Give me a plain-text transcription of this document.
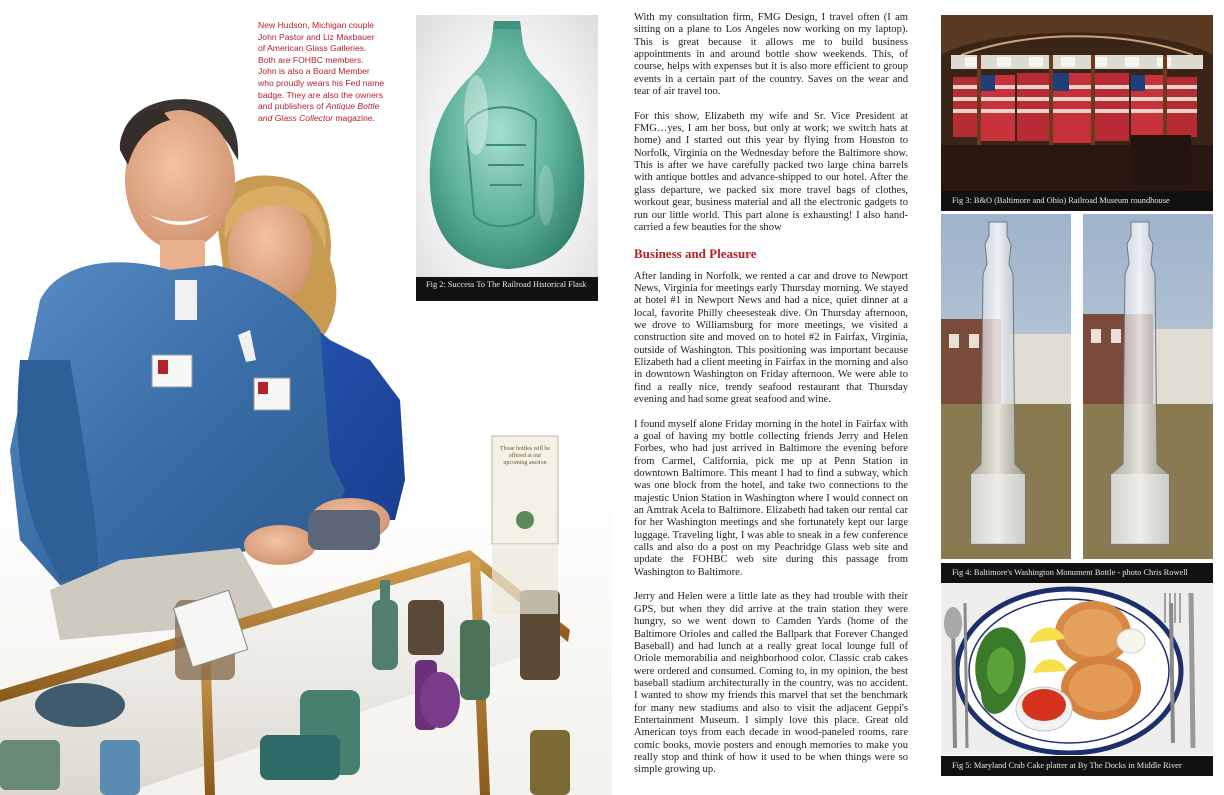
Those bottles will be offered at our upcoming auction
New Hudson, Michigan couple
John Pastor and Liz Maxbauer
of American Glass Galleries.
Both are FOHBC members.
John is also a Board Member
who proudly wears his Fed name
badge. They are also the owners
and publishers of Antique Bottle
and Glass Collector magazine.
Fig 2: Success To The Railroad Historical Flask

With my consultation firm, FMG Design, I travel often (I am sitting on a plane to Los Angeles now working on my laptop). This is great because it allows me to build business appointments in and around bottle show weekends. This, of course, helps with expenses but it is also more efficient to group events in a certain part of the country. Saves on the wear and tear of air travel too.

For this show, Elizabeth my wife and Sr. Vice President at FMG…yes, I am her boss, but only at work; we switch hats at home) and I started out this year by flying from Houston to Norfolk, Virginia on the Wednesday before the Baltimore show. This is after we have carefully packed two large china barrels with antique bottles and advance-shipped to our hotel. After the glass departure, we packed six more travel bags of clothes, workout gear, business material and all the electronic gadgets to run our little world. This part alone is exhausting! I also hand-carried a few beauties for the show

Business and Pleasure

After landing in Norfolk, we rented a car and drove to Newport News, Virginia for meetings early Thursday morning. We stayed at hotel #1 in Newport News and had a nice, quiet dinner at a local, favorite Philly cheesesteak dive. On Thursday afternoon, we drove to Williamsburg for more meetings, we visited a construction site and moved on to hotel #2 in Fairfax, Virginia, outside of Washington. This positioning was important because Elizabeth had a client meeting in Fairfax in the morning and also in downtown Washington on Friday afternoon. We were able to find a really nice, trendy seafood restaurant that Thursday evening and had some great seafood and wine.

I found myself alone Friday morning in the hotel in Fairfax with a goal of having my bottle collecting friends Jerry and Helen Forbes, who had just arrived in Baltimore the evening before from Carmel, California, pick me up at Penn Station in downtown Baltimore. This meant I had to find a subway, which was one block from the hotel, and take two connections to the majestic Union Station in Washington where I would connect on an Amtrak Acela to Baltimore. Elizabeth had taken our rental car for her Washington meetings and she fortunately kept our large luggage. Traveling light, I was able to sneak in a few conference calls and also do a post on my Peachridge Glass web site and update the FOHBC web site during this passage from Washington to Baltimore.

Jerry and Helen were a little late as they had trouble with their GPS, but when they did arrive at the train station they were hungry, so we went down to Camden Yards (home of the Baltimore Orioles and called the Ballpark that Forever Changed Baseball) and had lunch at a really great local lounge full of Oriole memorabilia and neighborhood color. Classic crab cakes were ordered and consumed. Coming to, in my opinion, the best baseball stadium architecturally in the country, was no accident. I wanted to show my friends this marvel that set the benchmark for many new stadiums and also to visit the adjacent Geppi's Entertainment Museum. I simply love this place. Great old American toys from each decade in wood-paneled rooms, rare comic books, movie posters and enough memories to make you really stop and think of how it used to be when things were so simple growing up.

Fig 3: B&O (Baltimore and Ohio) Railroad Museum roundhouse
Fig 4: Baltimore's Washington Monument Bottle - photo Chris Rowell
Fig 5: Maryland Crab Cake platter at By The Docks in Middle River
